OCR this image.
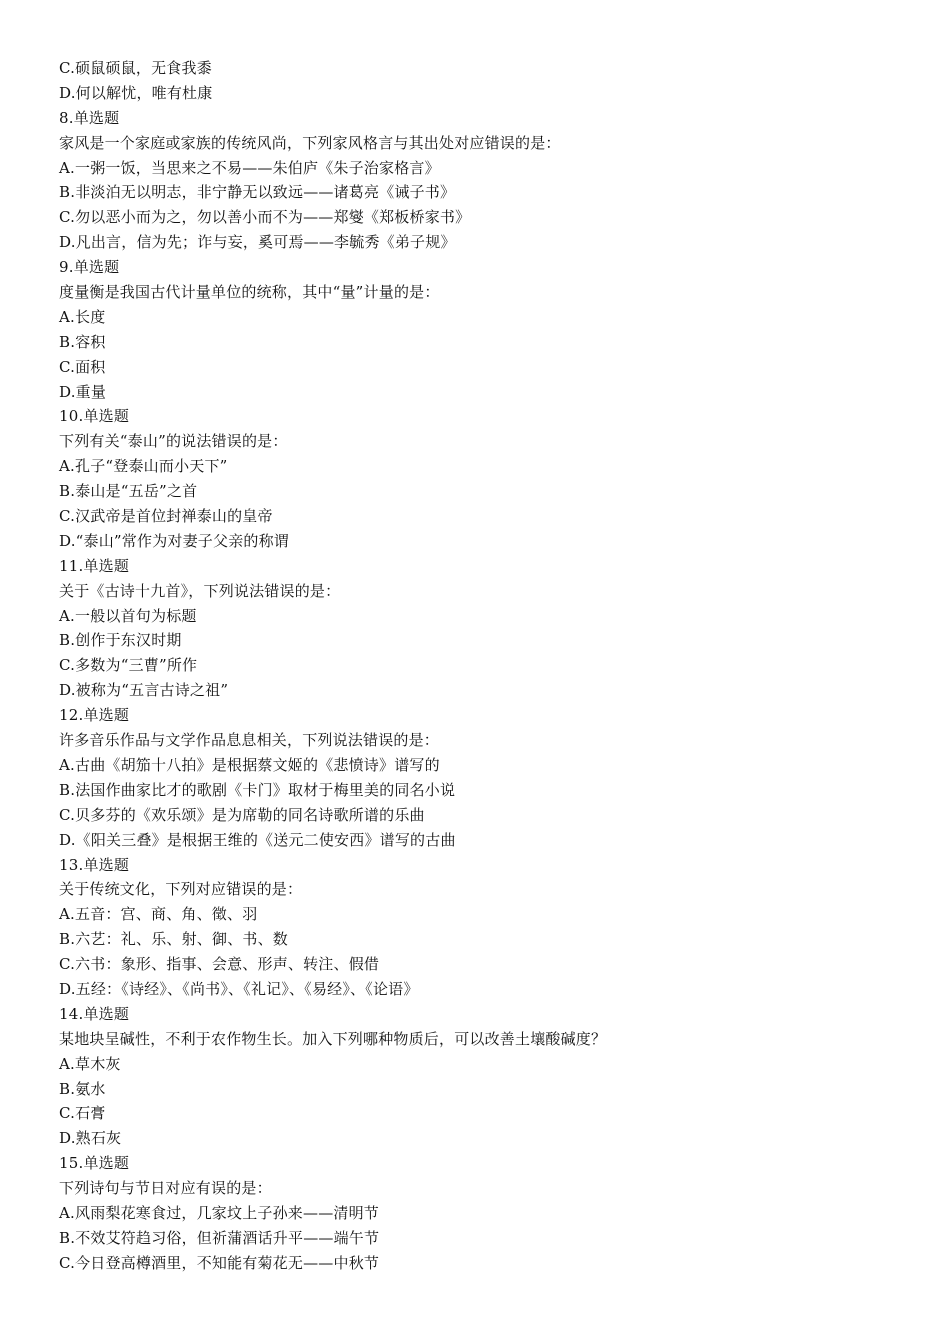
C.硕鼠硕鼠，无食我黍
D.何以解忧，唯有杜康
8.单选题
家风是一个家庭或家族的传统风尚，下列家风格言与其出处对应错误的是：
A.一粥一饭，当思来之不易——朱伯庐《朱子治家格言》
B.非淡泊无以明志，非宁静无以致远——诸葛亮《诫子书》
C.勿以恶小而为之，勿以善小而不为——郑燮《郑板桥家书》
D.凡出言，信为先；诈与妄，奚可焉——李毓秀《弟子规》
9.单选题
度量衡是我国古代计量单位的统称，其中“量”计量的是：
A.长度
B.容积
C.面积
D.重量
10.单选题
下列有关“泰山”的说法错误的是：
A.孔子“登泰山而小天下”
B.泰山是“五岳”之首
C.汉武帝是首位封禅泰山的皇帝
D.“泰山”常作为对妻子父亲的称谓
11.单选题
关于《古诗十九首》，下列说法错误的是：
A.一般以首句为标题
B.创作于东汉时期
C.多数为“三曹”所作
D.被称为“五言古诗之祖”
12.单选题
许多音乐作品与文学作品息息相关，下列说法错误的是：
A.古曲《胡笳十八拍》是根据蔡文姬的《悲愤诗》谱写的
B.法国作曲家比才的歌剧《卡门》取材于梅里美的同名小说
C.贝多芬的《欢乐颂》是为席勒的同名诗歌所谱的乐曲
D.《阳关三叠》是根据王维的《送元二使安西》谱写的古曲
13.单选题
关于传统文化，下列对应错误的是：
A.五音：宫、商、角、徵、羽
B.六艺：礼、乐、射、御、书、数
C.六书：象形、指事、会意、形声、转注、假借
D.五经：《诗经》、《尚书》、《礼记》、《易经》、《论语》
14.单选题
某地块呈碱性，不利于农作物生长。加入下列哪种物质后，可以改善土壤酸碱度？
A.草木灰
B.氨水
C.石膏
D.熟石灰
15.单选题
下列诗句与节日对应有误的是：
A.风雨梨花寒食过，几家坟上子孙来——清明节
B.不效艾符趋习俗，但祈蒲酒话升平——端午节
C.今日登高樽酒里，不知能有菊花无——中秋节
